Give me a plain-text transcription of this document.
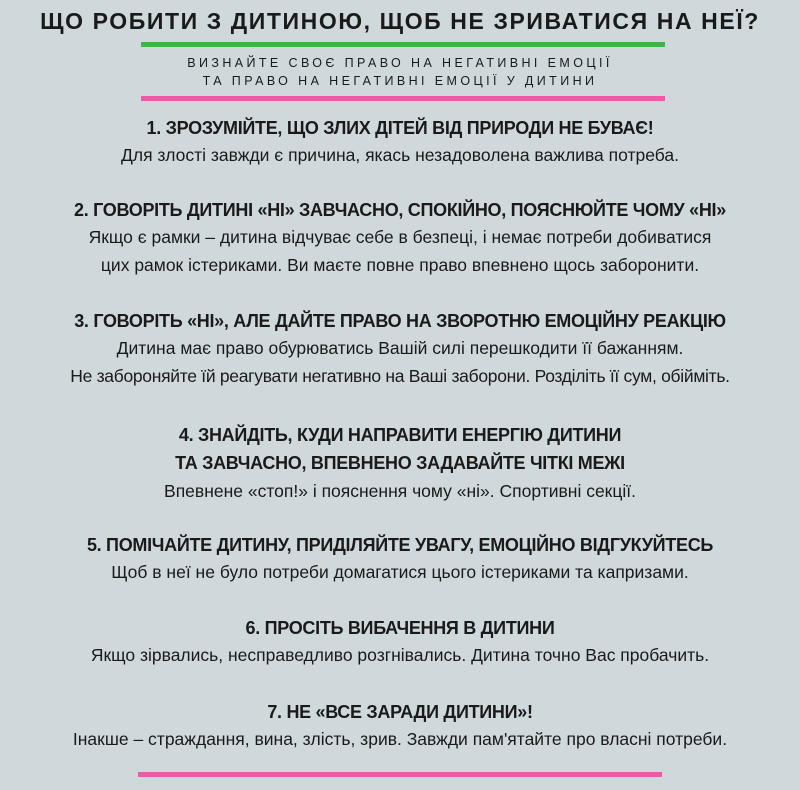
ЩО РОБИТИ З ДИТИНОЮ, ЩОБ НЕ ЗРИВАТИСЯ НА НЕЇ?
ВИЗНАЙТЕ СВОЄ ПРАВО НА НЕГАТИВНІ ЕМОЦІЇ
ТА ПРАВО НА НЕГАТИВНІ ЕМОЦІЇ У ДИТИНИ
1. ЗРОЗУМІЙТЕ, ЩО ЗЛИХ ДІТЕЙ ВІД ПРИРОДИ НЕ БУВАЄ!
Для злості завжди є причина, якась незадоволена важлива потреба.
2. ГОВОРІТЬ ДИТИНІ «НІ» ЗАВЧАСНО, СПОКІЙНО, ПОЯСНЮЙТЕ ЧОМУ «НІ»
Якщо є рамки – дитина відчуває себе в безпеці, і немає потреби добиватися
цих рамок істериками. Ви маєте повне право впевнено щось заборонити.
3. ГОВОРІТЬ «НІ», АЛЕ ДАЙТЕ ПРАВО НА ЗВОРОТНЮ ЕМОЦІЙНУ РЕАКЦІЮ
Дитина має право обурюватись Вашій силі перешкодити її бажанням.
Не забороняйте їй реагувати негативно на Ваші заборони. Розділіть її сум, обійміть.
4. ЗНАЙДІТЬ, КУДИ НАПРАВИТИ ЕНЕРГІЮ ДИТИНИ
ТА ЗАВЧАСНО, ВПЕВНЕНО ЗАДАВАЙТЕ ЧІТКІ МЕЖІ
Впевнене «стоп!» і пояснення чому «ні». Спортивні секції.
5. ПОМІЧАЙТЕ ДИТИНУ, ПРИДІЛЯЙТЕ УВАГУ, ЕМОЦІЙНО ВІДГУКУЙТЕСЬ
Щоб в неї не було потреби домагатися цього істериками та капризами.
6. ПРОСІТЬ ВИБАЧЕННЯ В ДИТИНИ
Якщо зірвались, несправедливо розгнівались. Дитина точно Вас пробачить.
7. НЕ «ВСЕ ЗАРАДИ ДИТИНИ»!
Інакше – страждання, вина, злість, зрив. Завжди пам'ятайте про власні потреби.
